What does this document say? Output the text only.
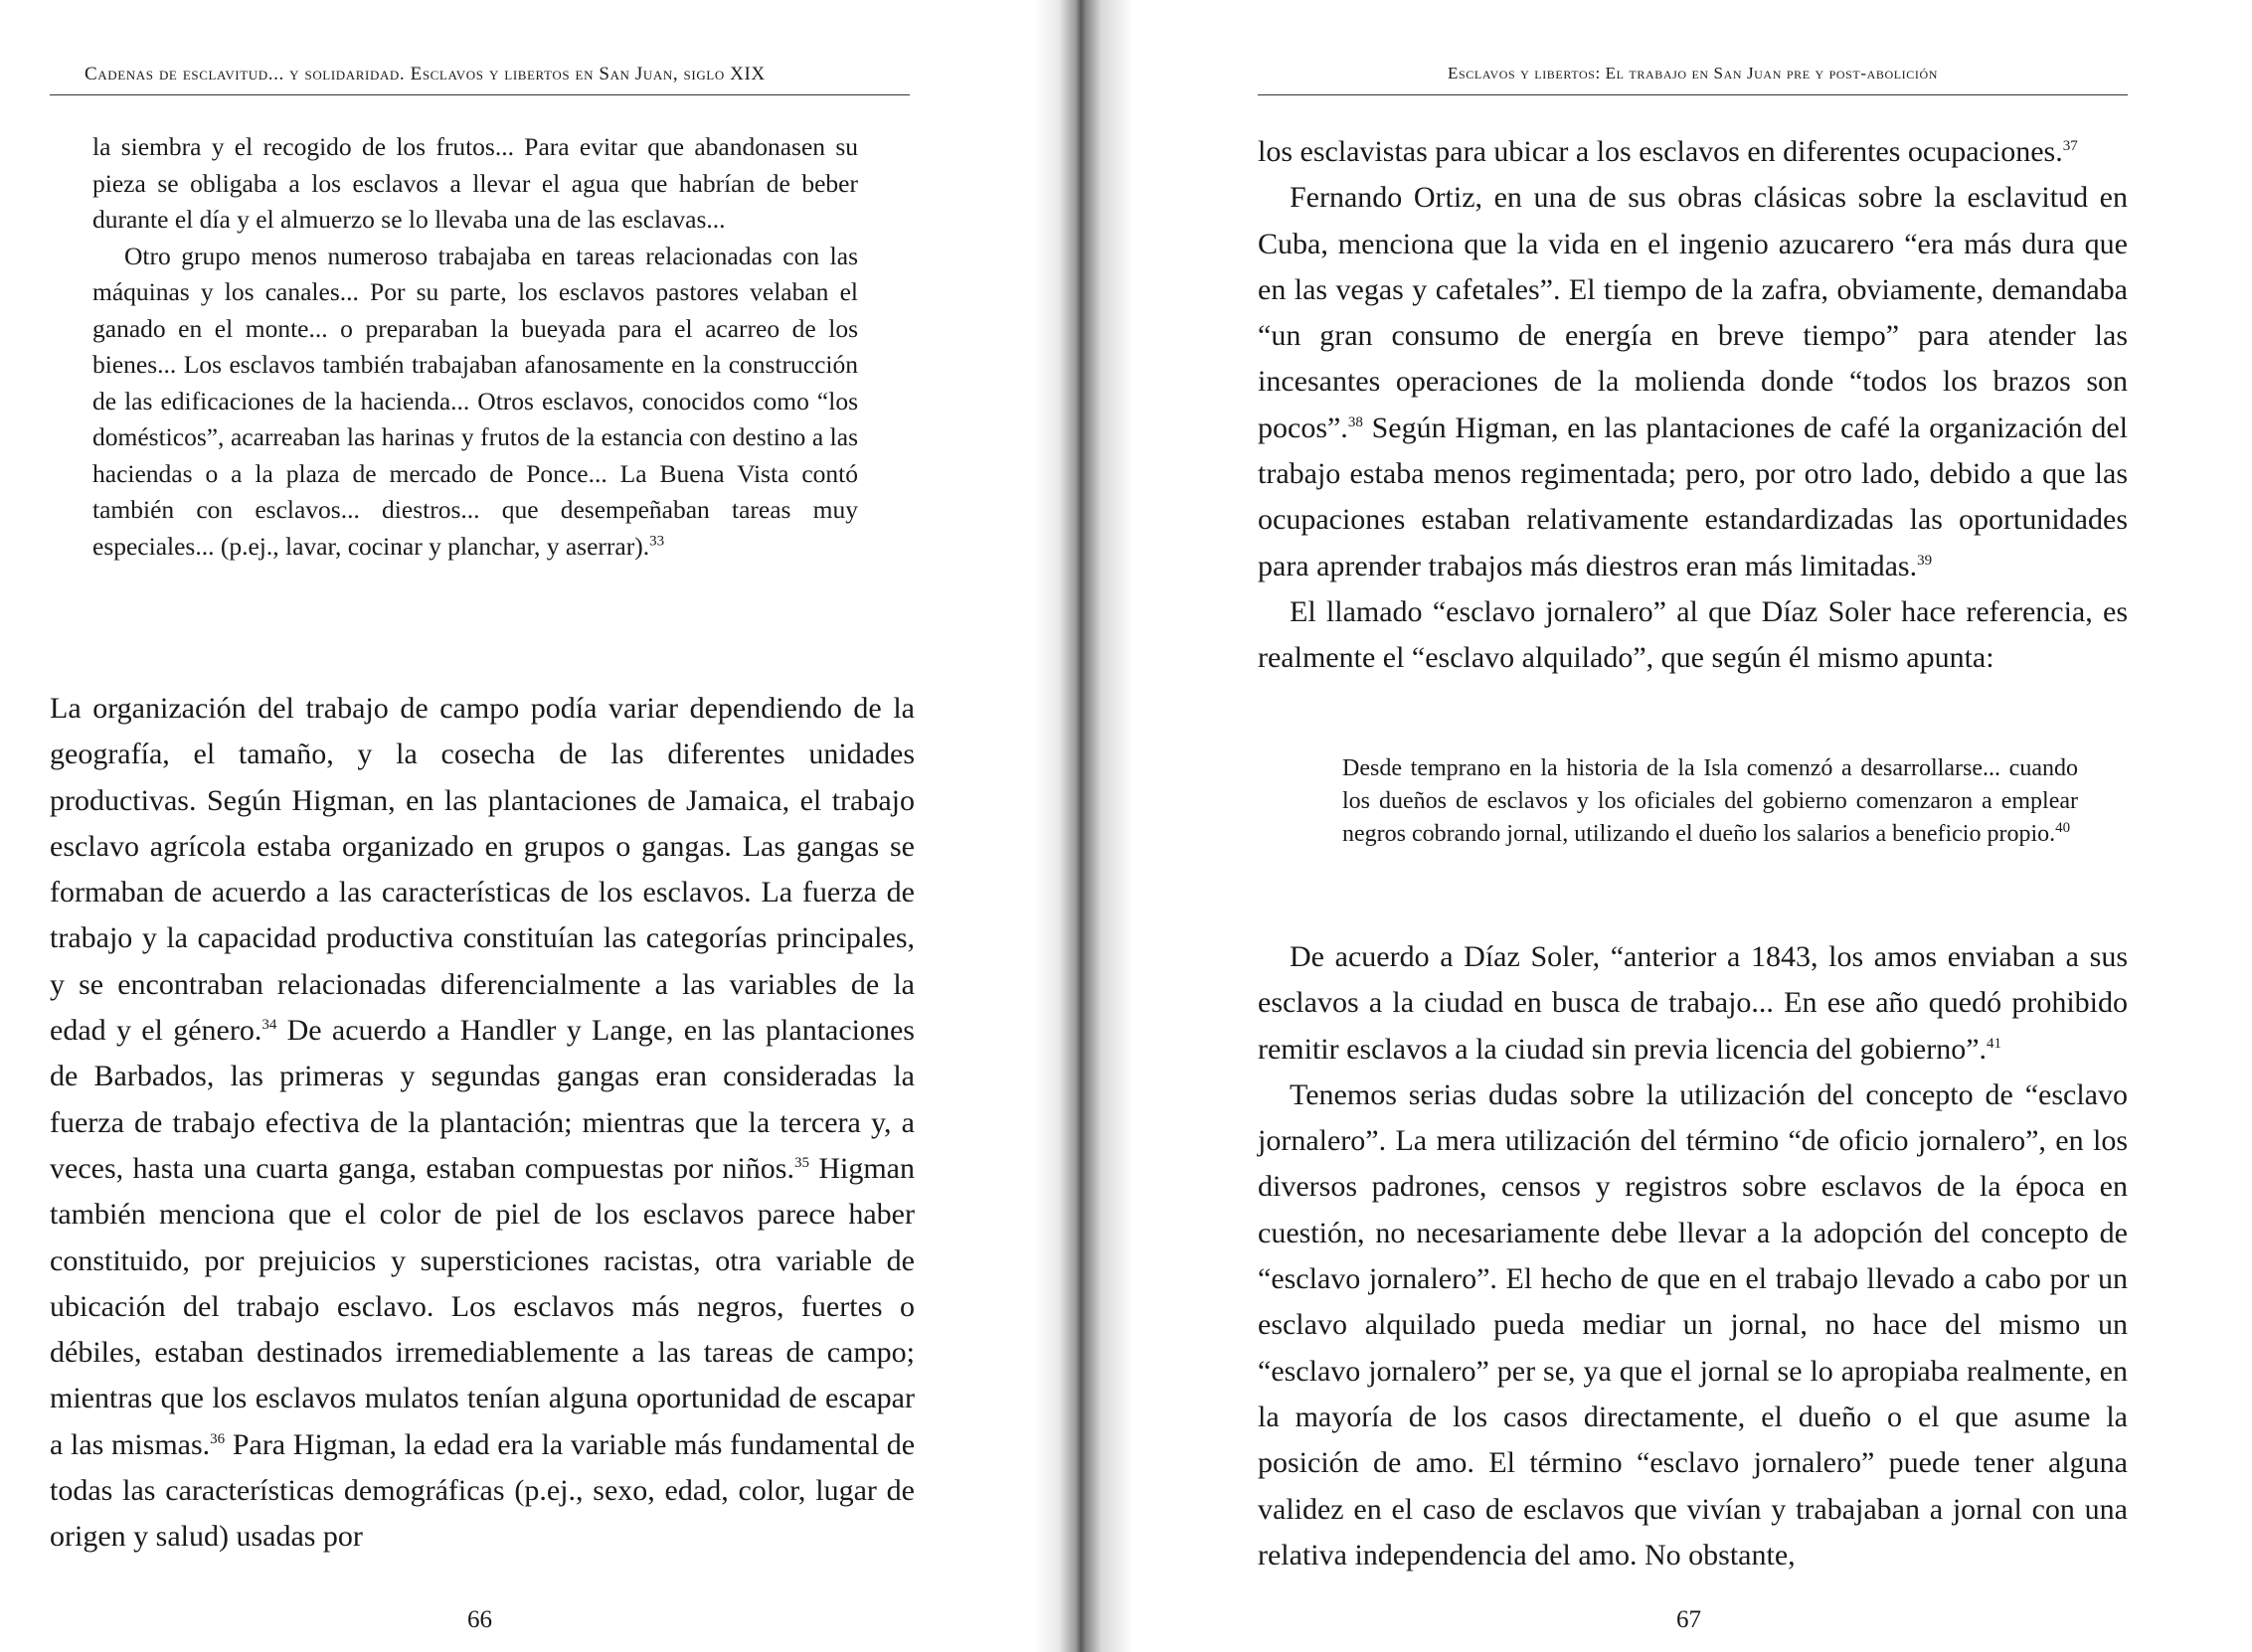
Cadenas de esclavitud... y solidaridad. Esclavos y libertos en San Juan, siglo XIX

la siembra y el recogido de los frutos... Para evitar que abandonasen su pieza se obligaba a los esclavos a llevar el agua que habrían de beber durante el día y el almuerzo se lo llevaba una de las esclavas...

Otro grupo menos numeroso trabajaba en tareas relacionadas con las máquinas y los canales... Por su parte, los esclavos pastores velaban el ganado en el monte... o preparaban la bueyada para el acarreo de los bienes... Los esclavos también trabajaban afanosamente en la construcción de las edificaciones de la hacienda... Otros esclavos, conocidos como “los domésticos”, acarreaban las harinas y frutos de la estancia con destino a las haciendas o a la plaza de mercado de Ponce... La Buena Vista contó también con esclavos... diestros... que desempeñaban tareas muy especiales... (p.ej., lavar, cocinar y planchar, y aserrar).$^{33}$

La organización del trabajo de campo podía variar dependiendo de la geografía, el tamaño, y la cosecha de las diferentes unidades productivas. Según Higman, en las plantaciones de Jamaica, el trabajo esclavo agrícola estaba organizado en grupos o gangas. Las gangas se formaban de acuerdo a las características de los esclavos. La fuerza de trabajo y la capacidad productiva constituían las categorías principales, y se encontraban relacionadas diferencialmente a las variables de la edad y el género.$^{34}$ De acuerdo a Handler y Lange, en las plantaciones de Barbados, las primeras y segundas gangas eran consideradas la fuerza de trabajo efectiva de la plantación; mientras que la tercera y, a veces, hasta una cuarta ganga, estaban compuestas por niños.$^{35}$ Higman también menciona que el color de piel de los esclavos parece haber constituido, por prejuicios y supersticiones racistas, otra variable de ubicación del trabajo esclavo. Los esclavos más negros, fuertes o débiles, estaban destinados irremediablemente a las tareas de campo; mientras que los esclavos mulatos tenían alguna oportunidad de escapar a las mismas.$^{36}$ Para Higman, la edad era la variable más fundamental de todas las características demográficas (p.ej., sexo, edad, color, lugar de origen y salud) usadas por

66
Esclavos y libertos: El trabajo en San Juan pre y post-abolición

los esclavistas para ubicar a los esclavos en diferentes ocupaciones.$^{37}$

Fernando Ortiz, en una de sus obras clásicas sobre la esclavitud en Cuba, menciona que la vida en el ingenio azucarero “era más dura que en las vegas y cafetales”. El tiempo de la zafra, obviamente, demandaba “un gran consumo de energía en breve tiempo” para atender las incesantes operaciones de la molienda donde “todos los brazos son pocos”.$^{38}$ Según Higman, en las plantaciones de café la organización del trabajo estaba menos regimentada; pero, por otro lado, debido a que las ocupaciones estaban relativamente estandardizadas las oportunidades para aprender trabajos más diestros eran más limitadas.$^{39}$

El llamado “esclavo jornalero” al que Díaz Soler hace referencia, es realmente el “esclavo alquilado”, que según él mismo apunta:

Desde temprano en la historia de la Isla comenzó a desarrollarse... cuando los dueños de esclavos y los oficiales del gobierno comenzaron a emplear negros cobrando jornal, utilizando el dueño los salarios a beneficio propio.$^{40}$

De acuerdo a Díaz Soler, “anterior a 1843, los amos enviaban a sus esclavos a la ciudad en busca de trabajo... En ese año quedó prohibido remitir esclavos a la ciudad sin previa licencia del gobierno”.$^{41}$

Tenemos serias dudas sobre la utilización del concepto de “esclavo jornalero”. La mera utilización del término “de oficio jornalero”, en los diversos padrones, censos y registros sobre esclavos de la época en cuestión, no necesariamente debe llevar a la adopción del concepto de “esclavo jornalero”. El hecho de que en el trabajo llevado a cabo por un esclavo alquilado pueda mediar un jornal, no hace del mismo un “esclavo jornalero” per se, ya que el jornal se lo apropiaba realmente, en la mayoría de los casos directamente, el dueño o el que asume la posición de amo. El término “esclavo jornalero” puede tener alguna validez en el caso de esclavos que vivían y trabajaban a jornal con una relativa independencia del amo. No obstante,

67
